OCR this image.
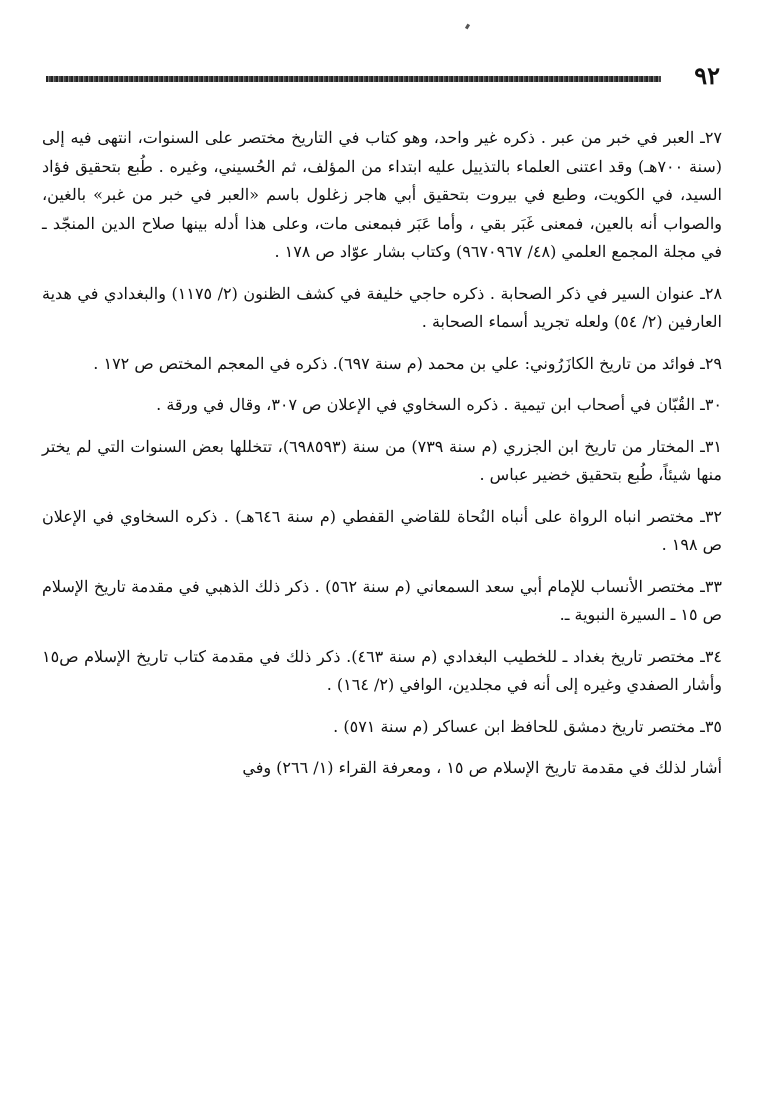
٩٢

٢٧ـ العبر في خبر من عبر . ذكره غير واحد، وهو كتاب في التاريخ مختصر على السنوات، انتهى فيه إلى (سنة ٧٠٠هـ) وقد اعتنى العلماء بالتذييل عليه ابتداء من المؤلف، ثم الحُسيني، وغيره . طُبع بتحقيق فؤاد السيد، في الكويت، وطبع في بيروت بتحقيق أبي هاجر زغلول باسم «العبر في خبر من غبر» بالغين، والصواب أنه بالعين، فمعنى غَبَر بقي ، وأما عَبَر فبمعنى مات، وعلى هذا أدله بينها صلاح الدين المنجّد ـ في مجلة المجمع العلمي (٤٨/ ٩٦٧٠٩٦٧) وكتاب بشار عوّاد ص ١٧٨ .

٢٨ـ عنوان السير في ذكر الصحابة . ذكره حاجي خليفة في كشف الظنون (٢/ ١١٧٥) والبغدادي في هدية العارفين (٢/ ٥٤) ولعله تجريد أسماء الصحابة .

٢٩ـ فوائد من تاريخ الكازَرُوني: علي بن محمد (م سنة ٦٩٧). ذكره في المعجم المختص ص ١٧٢ .

٣٠ـ القُبّان في أصحاب ابن تيمية . ذكره السخاوي في الإعلان ص ٣٠٧، وقال في ورقة .

٣١ـ المختار من تاريخ ابن الجزري (م سنة ٧٣٩) من سنة (٦٩٨٥٩٣)، تتخللها بعض السنوات التي لم يختر منها شيئاً، طُبع بتحقيق خضير عباس .

٣٢ـ مختصر انباه الرواة على أنباه النُحاة للقاضي القفطي (م سنة ٦٤٦هـ) . ذكره السخاوي في الإعلان ص ١٩٨ .

٣٣ـ مختصر الأنساب للإمام أبي سعد السمعاني (م سنة ٥٦٢) . ذكر ذلك الذهبي في مقدمة تاريخ الإسلام ص ١٥ ـ السيرة النبوية ـ.

٣٤ـ مختصر تاريخ بغداد ـ للخطيب البغدادي (م سنة ٤٦٣). ذكر ذلك في مقدمة كتاب تاريخ الإسلام ص١٥ وأشار الصفدي وغيره إلى أنه في مجلدين، الوافي (٢/ ١٦٤) .

٣٥ـ مختصر تاريخ دمشق للحافظ ابن عساكر (م سنة ٥٧١) .

أشار لذلك في مقدمة تاريخ الإسلام ص ١٥ ، ومعرفة القراء (١/ ٢٦٦) وفي
